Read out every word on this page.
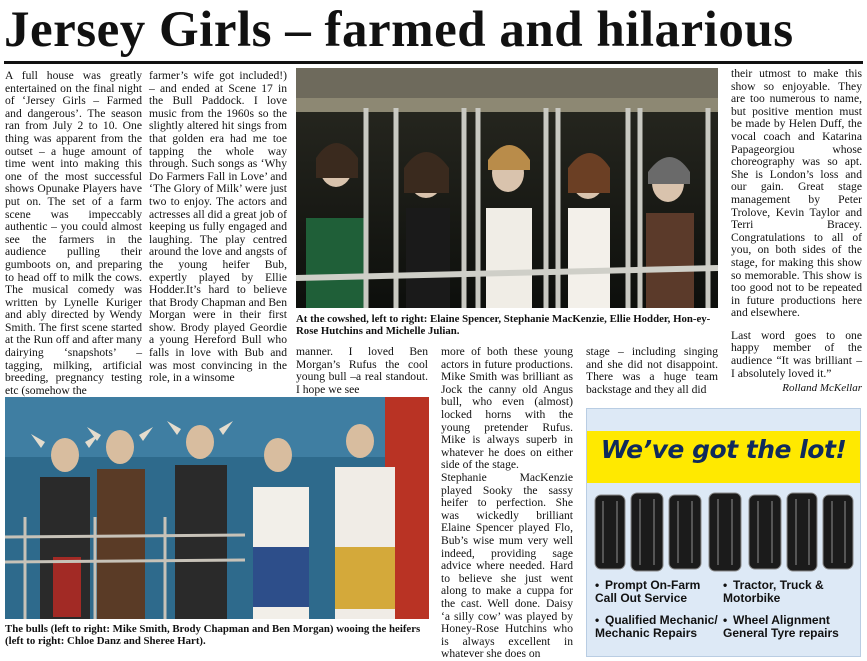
Jersey Girls – farmed and hilarious

A full house was greatly entertained on the final night of ‘Jersey Girls – Farmed and dangerous’. The season ran from July 2 to 10. One thing was apparent from the outset – a huge amount of time went into making this one of the most successful shows Opunake Players have put on. The set of a farm scene was impeccably authentic – you could almost see the farmers in the audience pulling their gumboots on, and preparing to head off to milk the cows. The musical comedy was written by Lynelle Kuriger and ably directed by Wendy Smith. The first scene started at the Run off and after many dairying ‘snapshots’ – tagging, milking, artificial breeding, pregnancy testing etc (somehow the

farmer’s wife got included!) – and ended at Scene 17 in the Bull Paddock. I love music from the 1960s so the slightly altered hit sings from that golden era had me toe tapping the whole way through. Such songs as ‘Why Do Farmers Fall in Love’ and ‘The Glory of Milk’ were just two to enjoy. The actors and actresses all did a great job of keeping us fully engaged and laughing. The play centred around the love and angsts of the young heifer Bub, expertly played by Ellie Hodder.It’s hard to believe that Brody Chapman and Ben Morgan were in their first show. Brody played Geordie a young Hereford Bull who falls in love with Bub and was most convincing in the role, in a winsome

At the cowshed, left to right: Elaine Spencer, Stephanie MacKenzie, Ellie Hodder, Hon-ey-Rose Hutchins and Michelle Julian.

manner. I loved Ben Morgan’s Rufus the cool young bull –a real standout. I hope we see

more of both these young actors in future productions. Mike Smith was brilliant as Jock the canny old Angus bull, who even (almost) locked horns with the young pretender Rufus. Mike is always superb in whatever he does on either side of the stage.

Stephanie MacKenzie played Sooky the sassy heifer to perfection. She was wickedly brilliant Elaine Spencer played Flo, Bub’s wise mum very well indeed, providing sage advice where needed. Hard to believe she just went along to make a cuppa for the cast. Well done. Daisy ‘a silly cow’ was played by Honey-Rose Hutchins who is always excellent in whatever she does on

stage – including singing and she did not disappoint. There was a huge team backstage and they all did

their utmost to make this show so enjoyable. They are too numerous to name, but positive mention must be made by Helen Duff, the vocal coach and Katarina Papageorgiou whose choreography was so apt. She is London’s loss and our gain. Great stage management by Peter Trolove, Kevin Taylor and Terri Bracey. Congratulations to all of you, on both sides of the stage, for making this show so memorable. This show is too good not to be repeated in future productions here and elsewhere.

Last word goes to one happy member of the audience “It was brilliant – I absolutely loved it.”

Rolland McKellar
The bulls (left to right: Mike Smith, Brody Chapman and Ben Morgan) wooing the heifers (left to right: Chloe Danz and Sheree Hart).
We’ve got the lot!
• Prompt On-Farm Call Out Service
• Tractor, Truck & Motorbike
• Qualified Mechanic/ Mechanic Repairs
• Wheel Alignment General Tyre repairs
